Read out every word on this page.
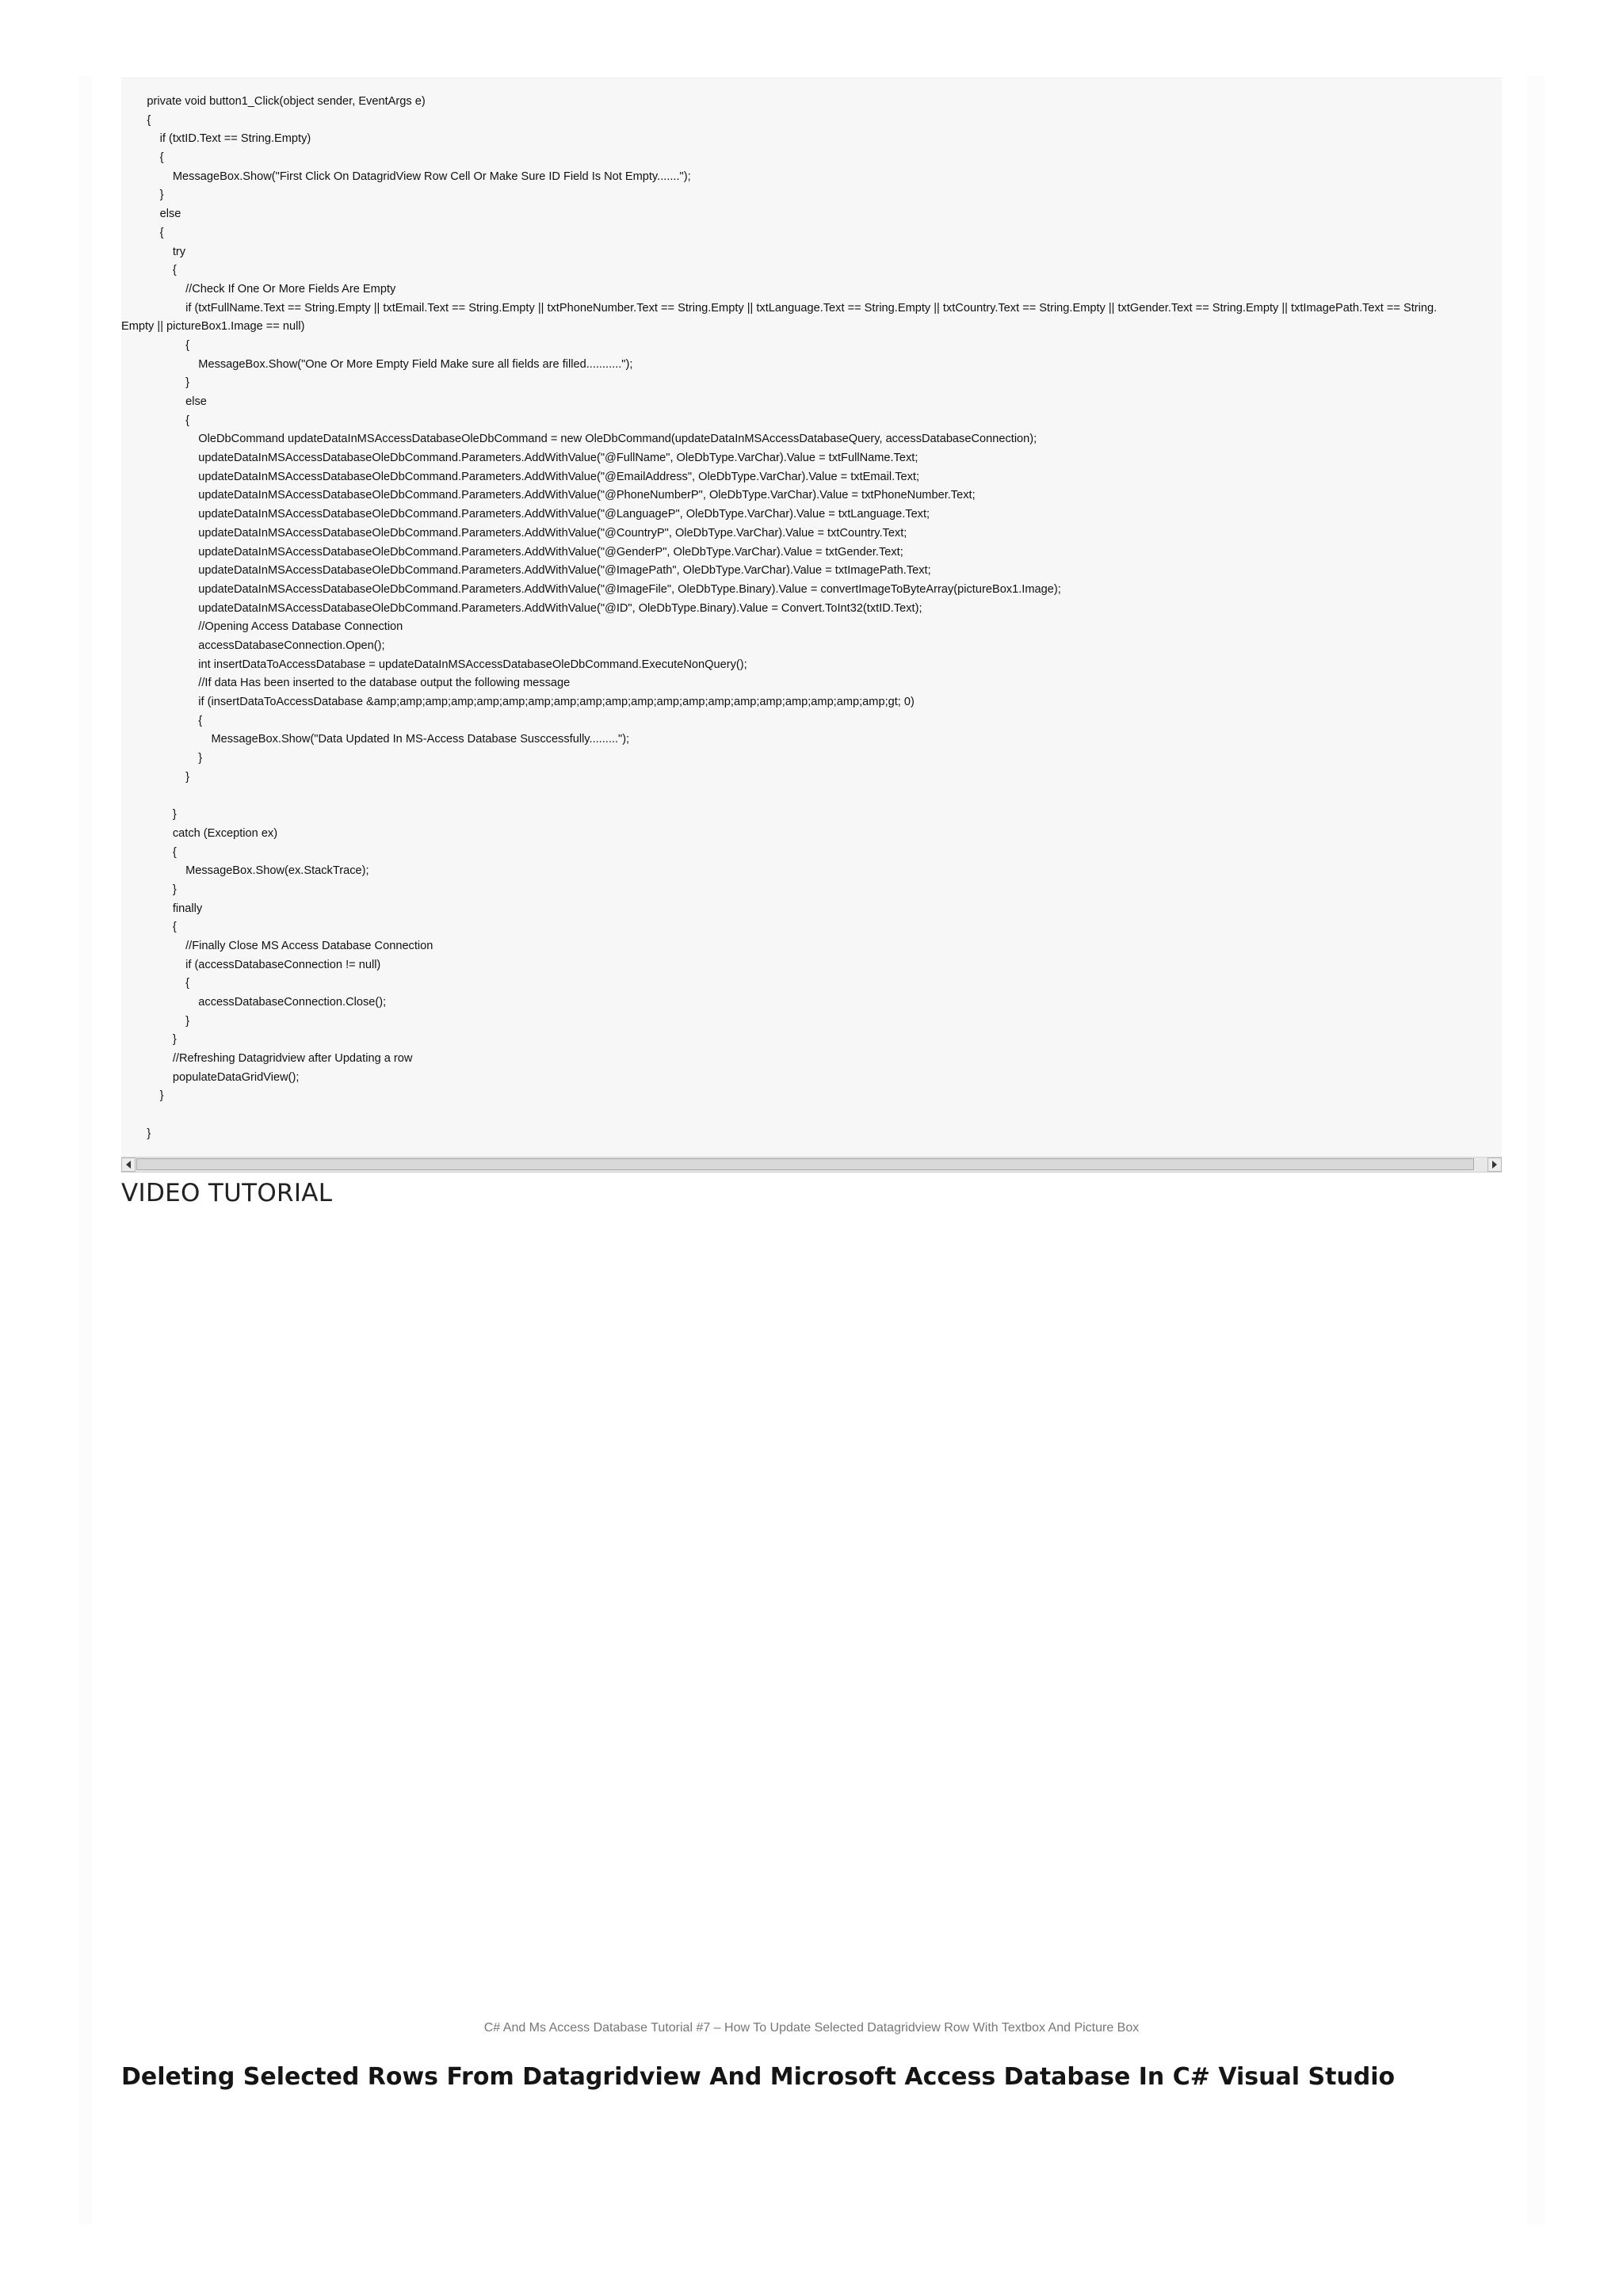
private void button1_Click(object sender, EventArgs e)
{
if (txtID.Text == String.Empty)
{
MessageBox.Show("First Click On DatagridView Row Cell Or Make Sure ID Field Is Not Empty.......");
}
else
{
try
{
//Check If One Or More Fields Are Empty
if (txtFullName.Text == String.Empty || txtEmail.Text == String.Empty || txtPhoneNumber.Text == String.Empty || txtLanguage.Text == String.Empty || txtCountry.Text == String.Empty || txtGender.Text == String.Empty || txtImagePath.Text == String.
Empty || pictureBox1.Image == null)
{
MessageBox.Show("One Or More Empty Field Make sure all fields are filled...........");
}
else
{
OleDbCommand updateDataInMSAccessDatabaseOleDbCommand = new OleDbCommand(updateDataInMSAccessDatabaseQuery, accessDatabaseConnection);
updateDataInMSAccessDatabaseOleDbCommand.Parameters.AddWithValue("@FullName", OleDbType.VarChar).Value = txtFullName.Text;
updateDataInMSAccessDatabaseOleDbCommand.Parameters.AddWithValue("@EmailAddress", OleDbType.VarChar).Value = txtEmail.Text;
updateDataInMSAccessDatabaseOleDbCommand.Parameters.AddWithValue("@PhoneNumberP", OleDbType.VarChar).Value = txtPhoneNumber.Text;
updateDataInMSAccessDatabaseOleDbCommand.Parameters.AddWithValue("@LanguageP", OleDbType.VarChar).Value = txtLanguage.Text;
updateDataInMSAccessDatabaseOleDbCommand.Parameters.AddWithValue("@CountryP", OleDbType.VarChar).Value = txtCountry.Text;
updateDataInMSAccessDatabaseOleDbCommand.Parameters.AddWithValue("@GenderP", OleDbType.VarChar).Value = txtGender.Text;
updateDataInMSAccessDatabaseOleDbCommand.Parameters.AddWithValue("@ImagePath", OleDbType.VarChar).Value = txtImagePath.Text;
updateDataInMSAccessDatabaseOleDbCommand.Parameters.AddWithValue("@ImageFile", OleDbType.Binary).Value = convertImageToByteArray(pictureBox1.Image);
updateDataInMSAccessDatabaseOleDbCommand.Parameters.AddWithValue("@ID", OleDbType.Binary).Value = Convert.ToInt32(txtID.Text);
//Opening Access Database Connection
accessDatabaseConnection.Open();
int insertDataToAccessDatabase = updateDataInMSAccessDatabaseOleDbCommand.ExecuteNonQuery();
//If data Has been inserted to the database output the following message
if (insertDataToAccessDatabase &amp;amp;amp;amp;amp;amp;amp;amp;amp;amp;amp;amp;amp;amp;amp;amp;amp;amp;amp;amp;gt; 0)
{
MessageBox.Show("Data Updated In MS-Access Database Susccessfully.........");
}
}
}
catch (Exception ex)
{
MessageBox.Show(ex.StackTrace);
}
finally
{
//Finally Close MS Access Database Connection
if (accessDatabaseConnection != null)
{
accessDatabaseConnection.Close();
}
}
//Refreshing Datagridview after Updating a row
populateDataGridView();
}
}
VIDEO TUTORIAL
C# And Ms Access Database Tutorial #7 – How To Update Selected Datagridview Row With Textbox And Picture Box
Deleting Selected Rows From Datagridview And Microsoft Access Database In C# Visual Studio
